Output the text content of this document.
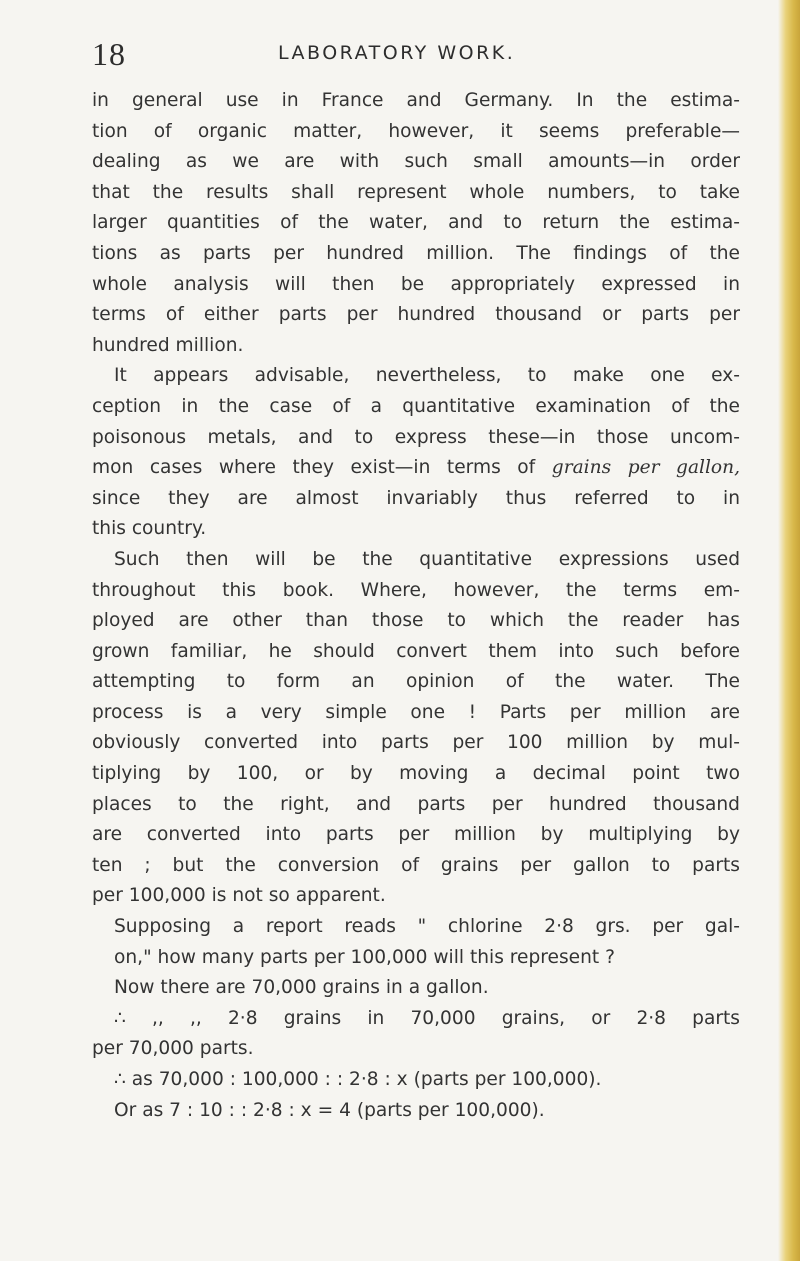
18	LABORATORY WORK.
in general use in France and Germany. In the estima-
tion of organic matter, however, it seems preferable—
dealing as we are with such small amounts—in order
that the results shall represent whole numbers, to take
larger quantities of the water, and to return the estima-
tions as parts per hundred million. The findings of the
whole analysis will then be appropriately expressed in
terms of either parts per hundred thousand or parts per
hundred million.
It appears advisable, nevertheless, to make one ex-
ception in the case of a quantitative examination of the
poisonous metals, and to express these—in those uncom-
mon cases where they exist—in terms of grains per gallon,
since they are almost invariably thus referred to in
this country.
Such then will be the quantitative expressions used
throughout this book. Where, however, the terms em-
ployed are other than those to which the reader has
grown familiar, he should convert them into such before
attempting to form an opinion of the water. The
process is a very simple one ! Parts per million are
obviously converted into parts per 100 million by mul-
tiplying by 100, or by moving a decimal point two
places to the right, and parts per hundred thousand
are converted into parts per million by multiplying by
ten ; but the conversion of grains per gallon to parts
per 100,000 is not so apparent.
Supposing a report reads " chlorine 2·8 grs. per gal-
on," how many parts per 100,000 will this represent ?
Now there are 70,000 grains in a gallon.
∴ ,, ,, 2·8 grains in 70,000 grains, or 2·8 parts
per 70,000 parts.
∴ as 70,000 : 100,000 : : 2·8 : x (parts per 100,000).
Or as 7 : 10 : : 2·8 : x = 4 (parts per 100,000).
